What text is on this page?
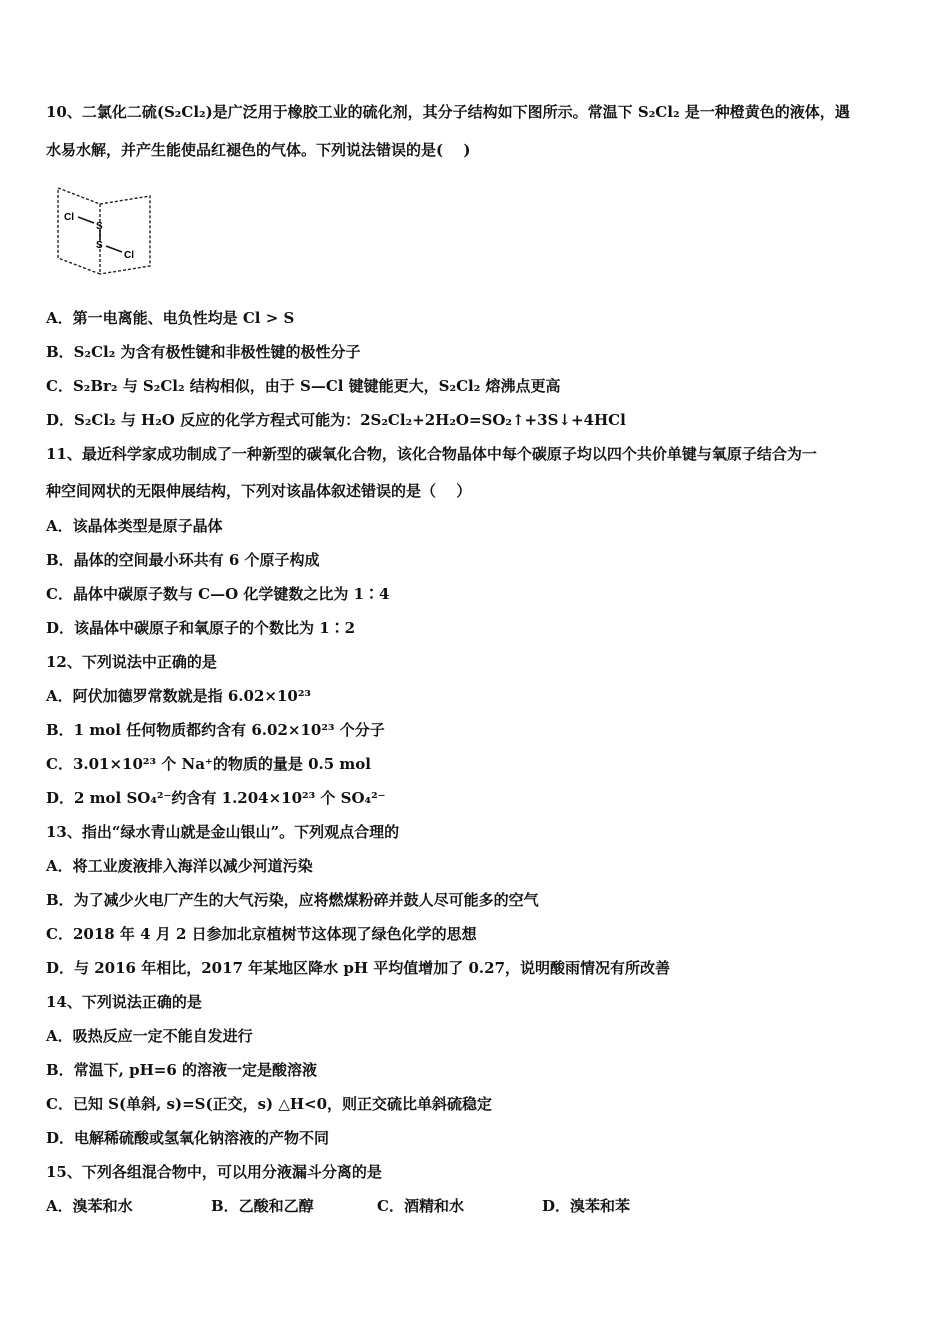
10、二氯化二硫(S₂Cl₂)是广泛用于橡胶工业的硫化剂，其分子结构如下图所示。常温下 S₂Cl₂ 是一种橙黄色的液体，遇
水易水解，并产生能使品红褪色的气体。下列说法错误的是(　 )
Cl
S
S
Cl
A．第一电离能、电负性均是 Cl > S
B．S₂Cl₂ 为含有极性键和非极性键的极性分子
C．S₂Br₂ 与 S₂Cl₂ 结构相似，由于 S—Cl 键键能更大，S₂Cl₂ 熔沸点更高
D．S₂Cl₂ 与 H₂O 反应的化学方程式可能为：2S₂Cl₂+2H₂O=SO₂↑+3S↓+4HCl
11、最近科学家成功制成了一种新型的碳氧化合物，该化合物晶体中每个碳原子均以四个共价单键与氧原子结合为一
种空间网状的无限伸展结构，下列对该晶体叙述错误的是（　 ）
A．该晶体类型是原子晶体
B．晶体的空间最小环共有 6 个原子构成
C．晶体中碳原子数与 C—O 化学键数之比为 1∶4
D．该晶体中碳原子和氧原子的个数比为 1∶2
12、下列说法中正确的是
A．阿伏加德罗常数就是指 6.02×10²³
B．1 mol 任何物质都约含有 6.02×10²³ 个分子
C．3.01×10²³ 个 Na⁺的物质的量是 0.5 mol
D．2 mol SO₄²⁻约含有 1.204×10²³ 个 SO₄²⁻
13、指出“绿水青山就是金山银山”。下列观点合理的
A．将工业废液排入海洋以减少河道污染
B．为了减少火电厂产生的大气污染，应将燃煤粉碎并鼓人尽可能多的空气
C．2018 年 4 月 2 日参加北京植树节这体现了绿色化学的思想
D．与 2016 年相比，2017 年某地区降水 pH 平均值增加了 0.27，说明酸雨情况有所改善
14、下列说法正确的是
A．吸热反应一定不能自发进行
B．常温下, pH=6 的溶液一定是酸溶液
C．已知 S(单斜, s)=S(正交，s) △H<0，则正交硫比单斜硫稳定
D．电解稀硫酸或氢氧化钠溶液的产物不同
15、下列各组混合物中，可以用分液漏斗分离的是
A．溴苯和水	B．乙酸和乙醇	C．酒精和水	D．溴苯和苯
